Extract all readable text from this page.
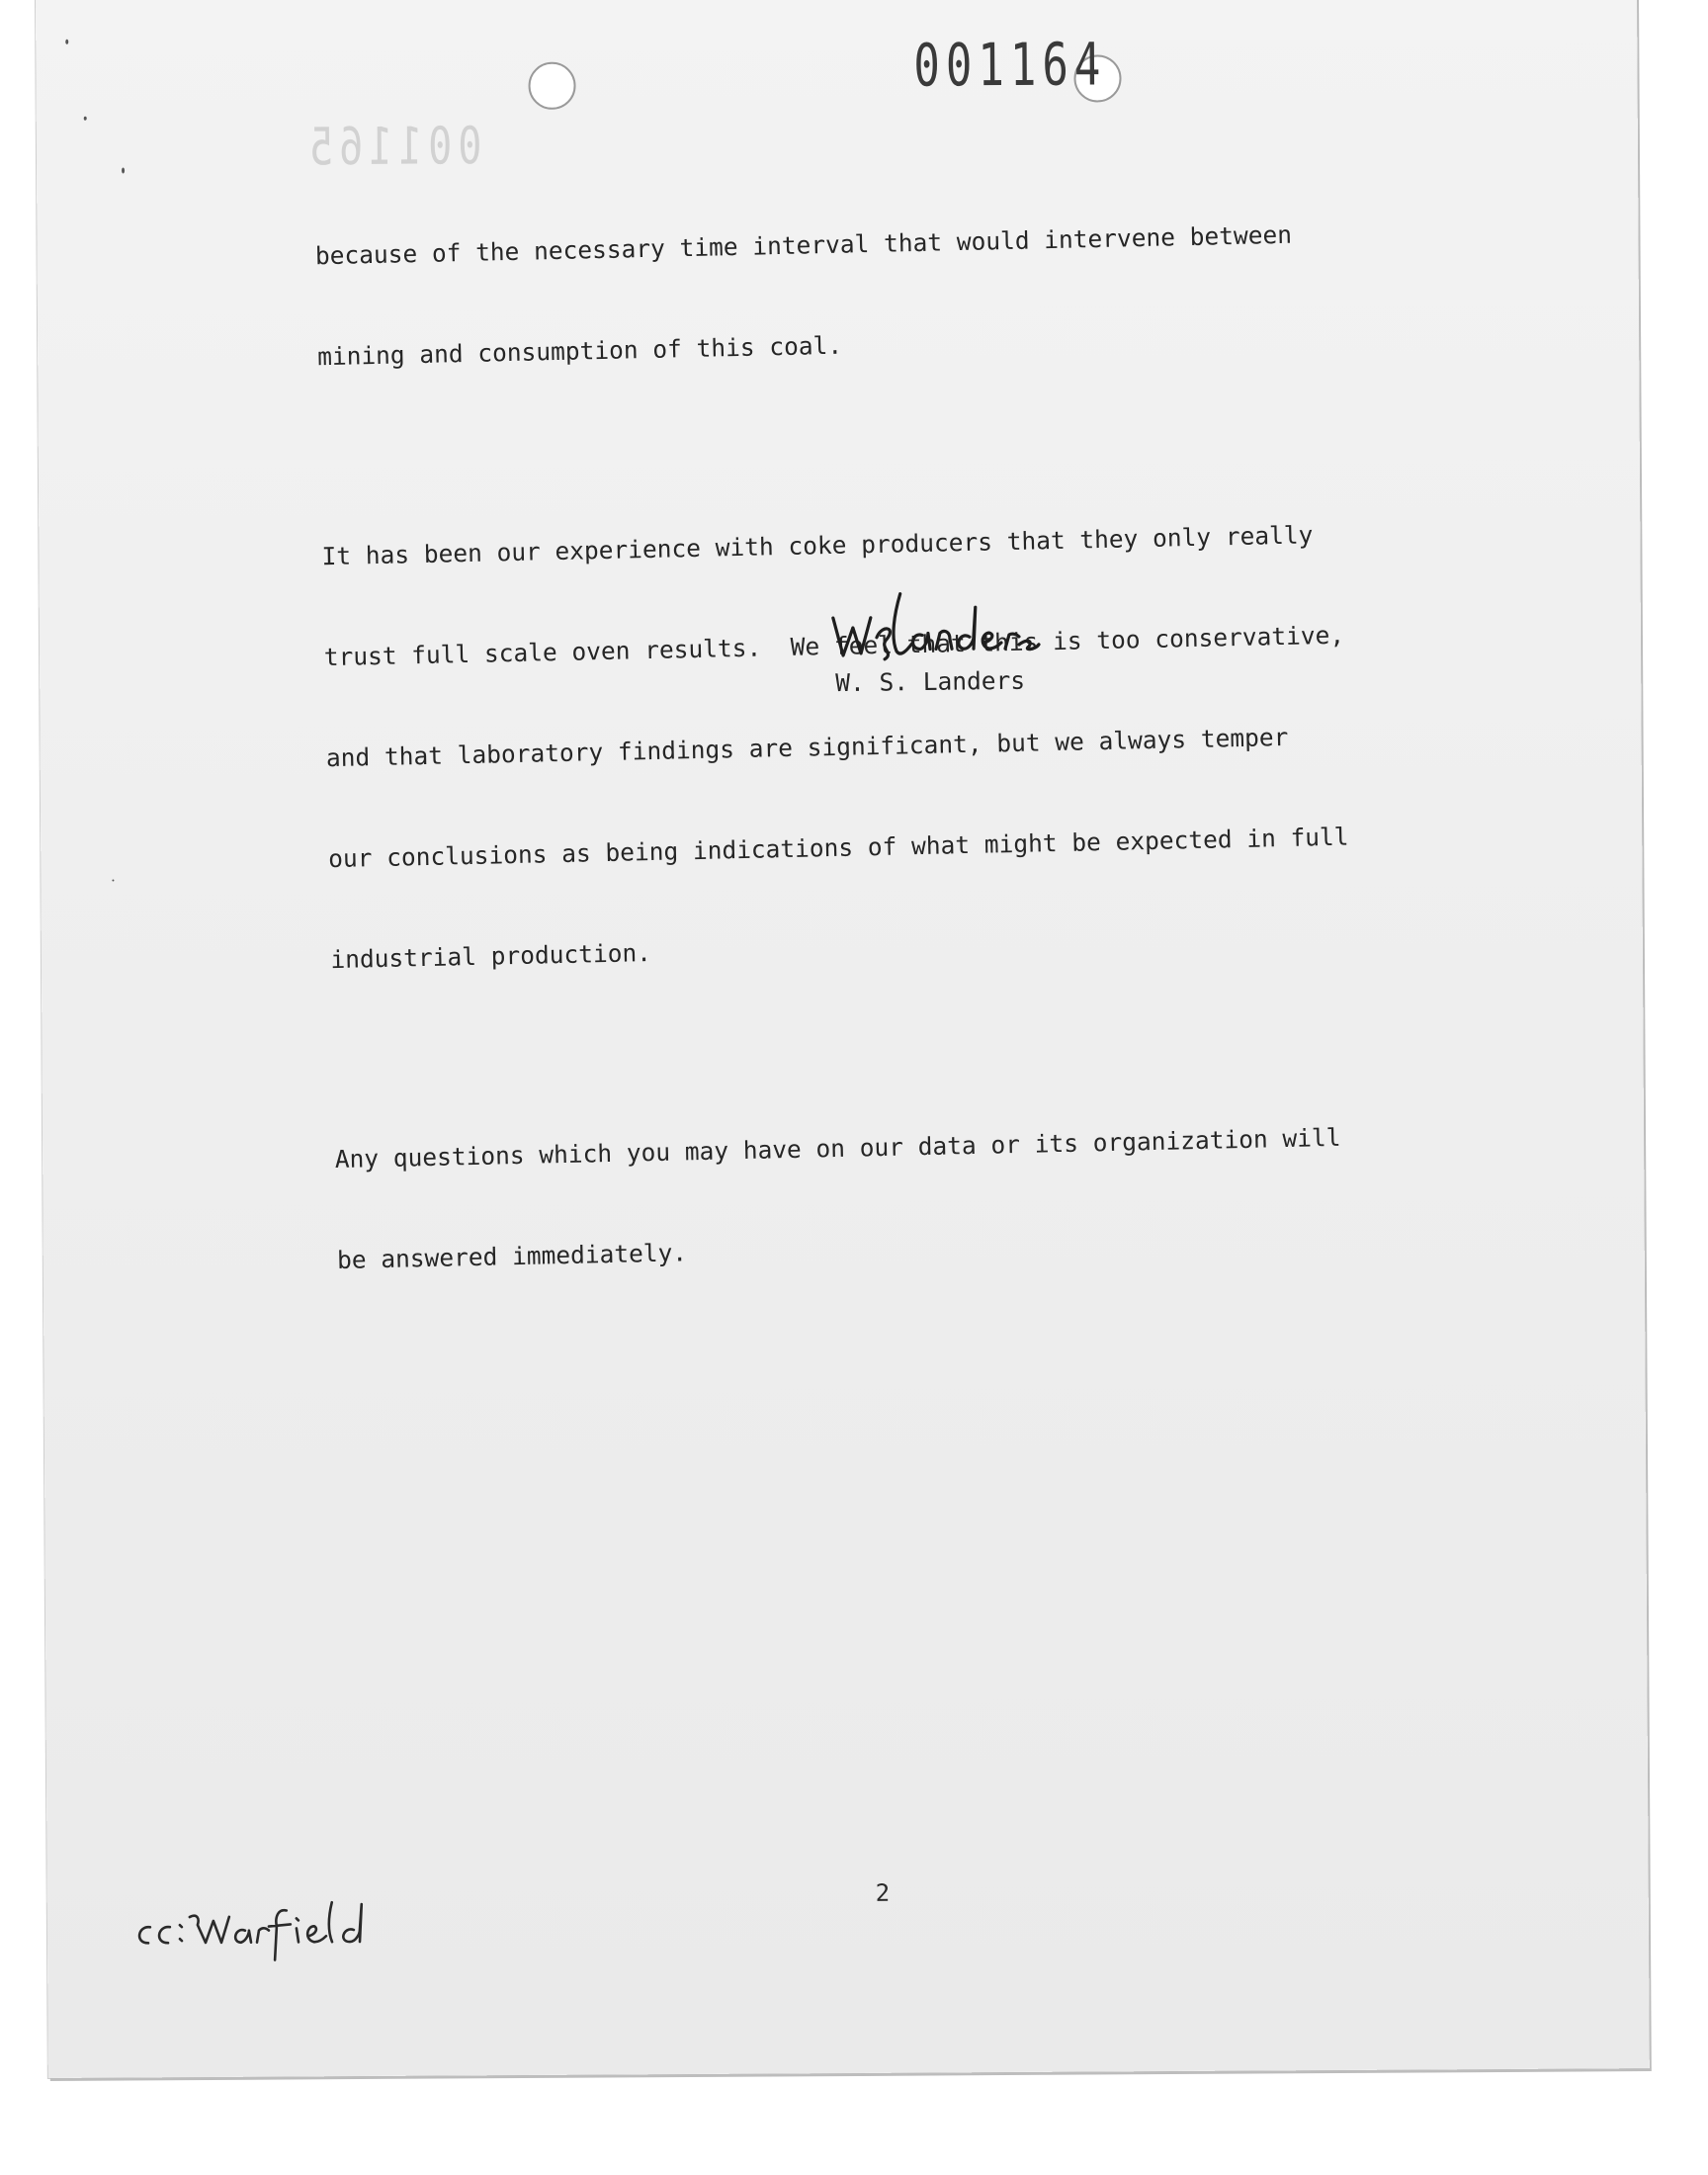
001164
001165

because of the necessary time interval that would intervene between

mining and consumption of this coal.

It has been our experience with coke producers that they only really

trust full scale oven results.  We feel that this is too conservative,

and that laboratory findings are significant, but we always temper

our conclusions as being indications of what might be expected in full

industrial production.

Any questions which you may have on our data or its organization will

be answered immediately.

W. S. Landers
2
